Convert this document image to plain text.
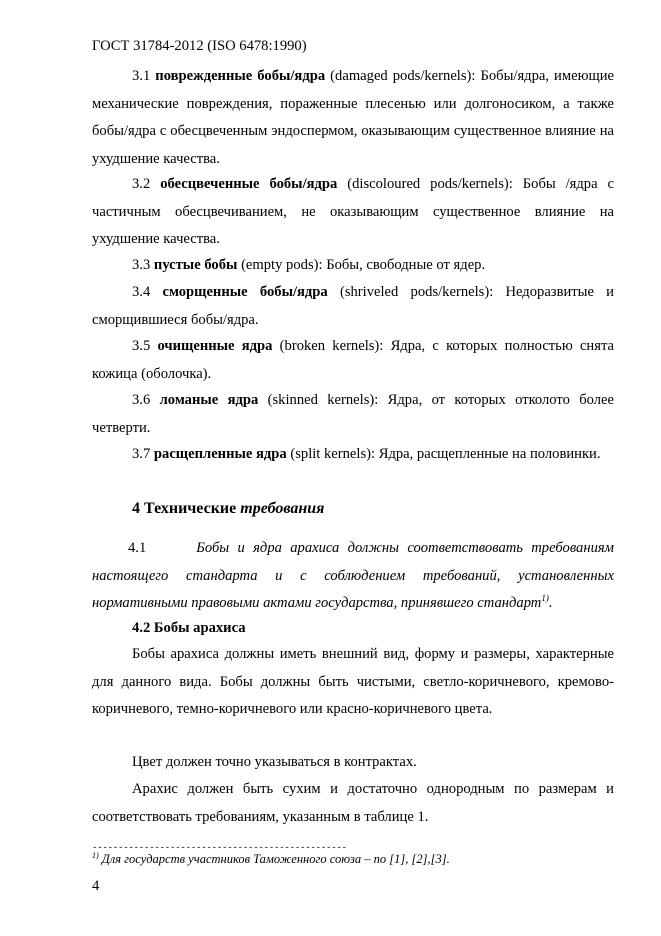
ГОСТ 31784-2012 (ISO 6478:1990)

3.1 поврежденные бобы/ядра (damaged pods/kernels): Бобы/ядра, имеющие механические повреждения, пораженные плесенью или долгоносиком, а также бобы/ядра с обесцвеченным эндоспермом, оказывающим существенное влияние на ухудшение качества.

3.2 обесцвеченные бобы/ядра (discoloured pods/kernels): Бобы /ядра с частичным обесцвечиванием, не оказывающим существенное влияние на ухудшение качества.

3.3 пустые бобы (empty pods): Бобы, свободные от ядер.

3.4 сморщенные бобы/ядра (shriveled pods/kernels): Недоразвитые и сморщившиеся бобы/ядра.

3.5 очищенные ядра (broken kernels): Ядра, с которых полностью снята кожица (оболочка).

3.6 ломаные ядра (skinned kernels): Ядра, от которых отколото более четверти.

3.7 расщепленные ядра (split kernels): Ядра, расщепленные на половинки.

4 Технические требования

4.1	Бобы и ядра арахиса должны соответствовать требованиям настоящего стандарта и с соблюдением требований, установленных нормативными правовыми актами государства, принявшего стандарт$^{1)}$.

4.2 Бобы арахиса

Бобы арахиса должны иметь внешний вид, форму и размеры, характерные для данного вида. Бобы должны быть чистыми, светло-коричневого, кремово-коричневого, темно-коричневого или красно-коричневого цвета.

Цвет должен точно указываться в контрактах.

Арахис должен быть сухим и достаточно однородным по размерам и соответствовать требованиям, указанным в таблице 1.

-------------------------------------------------
$^{1)}$ Для государств участников Таможенного союза – по [1], [2],[3].
4
